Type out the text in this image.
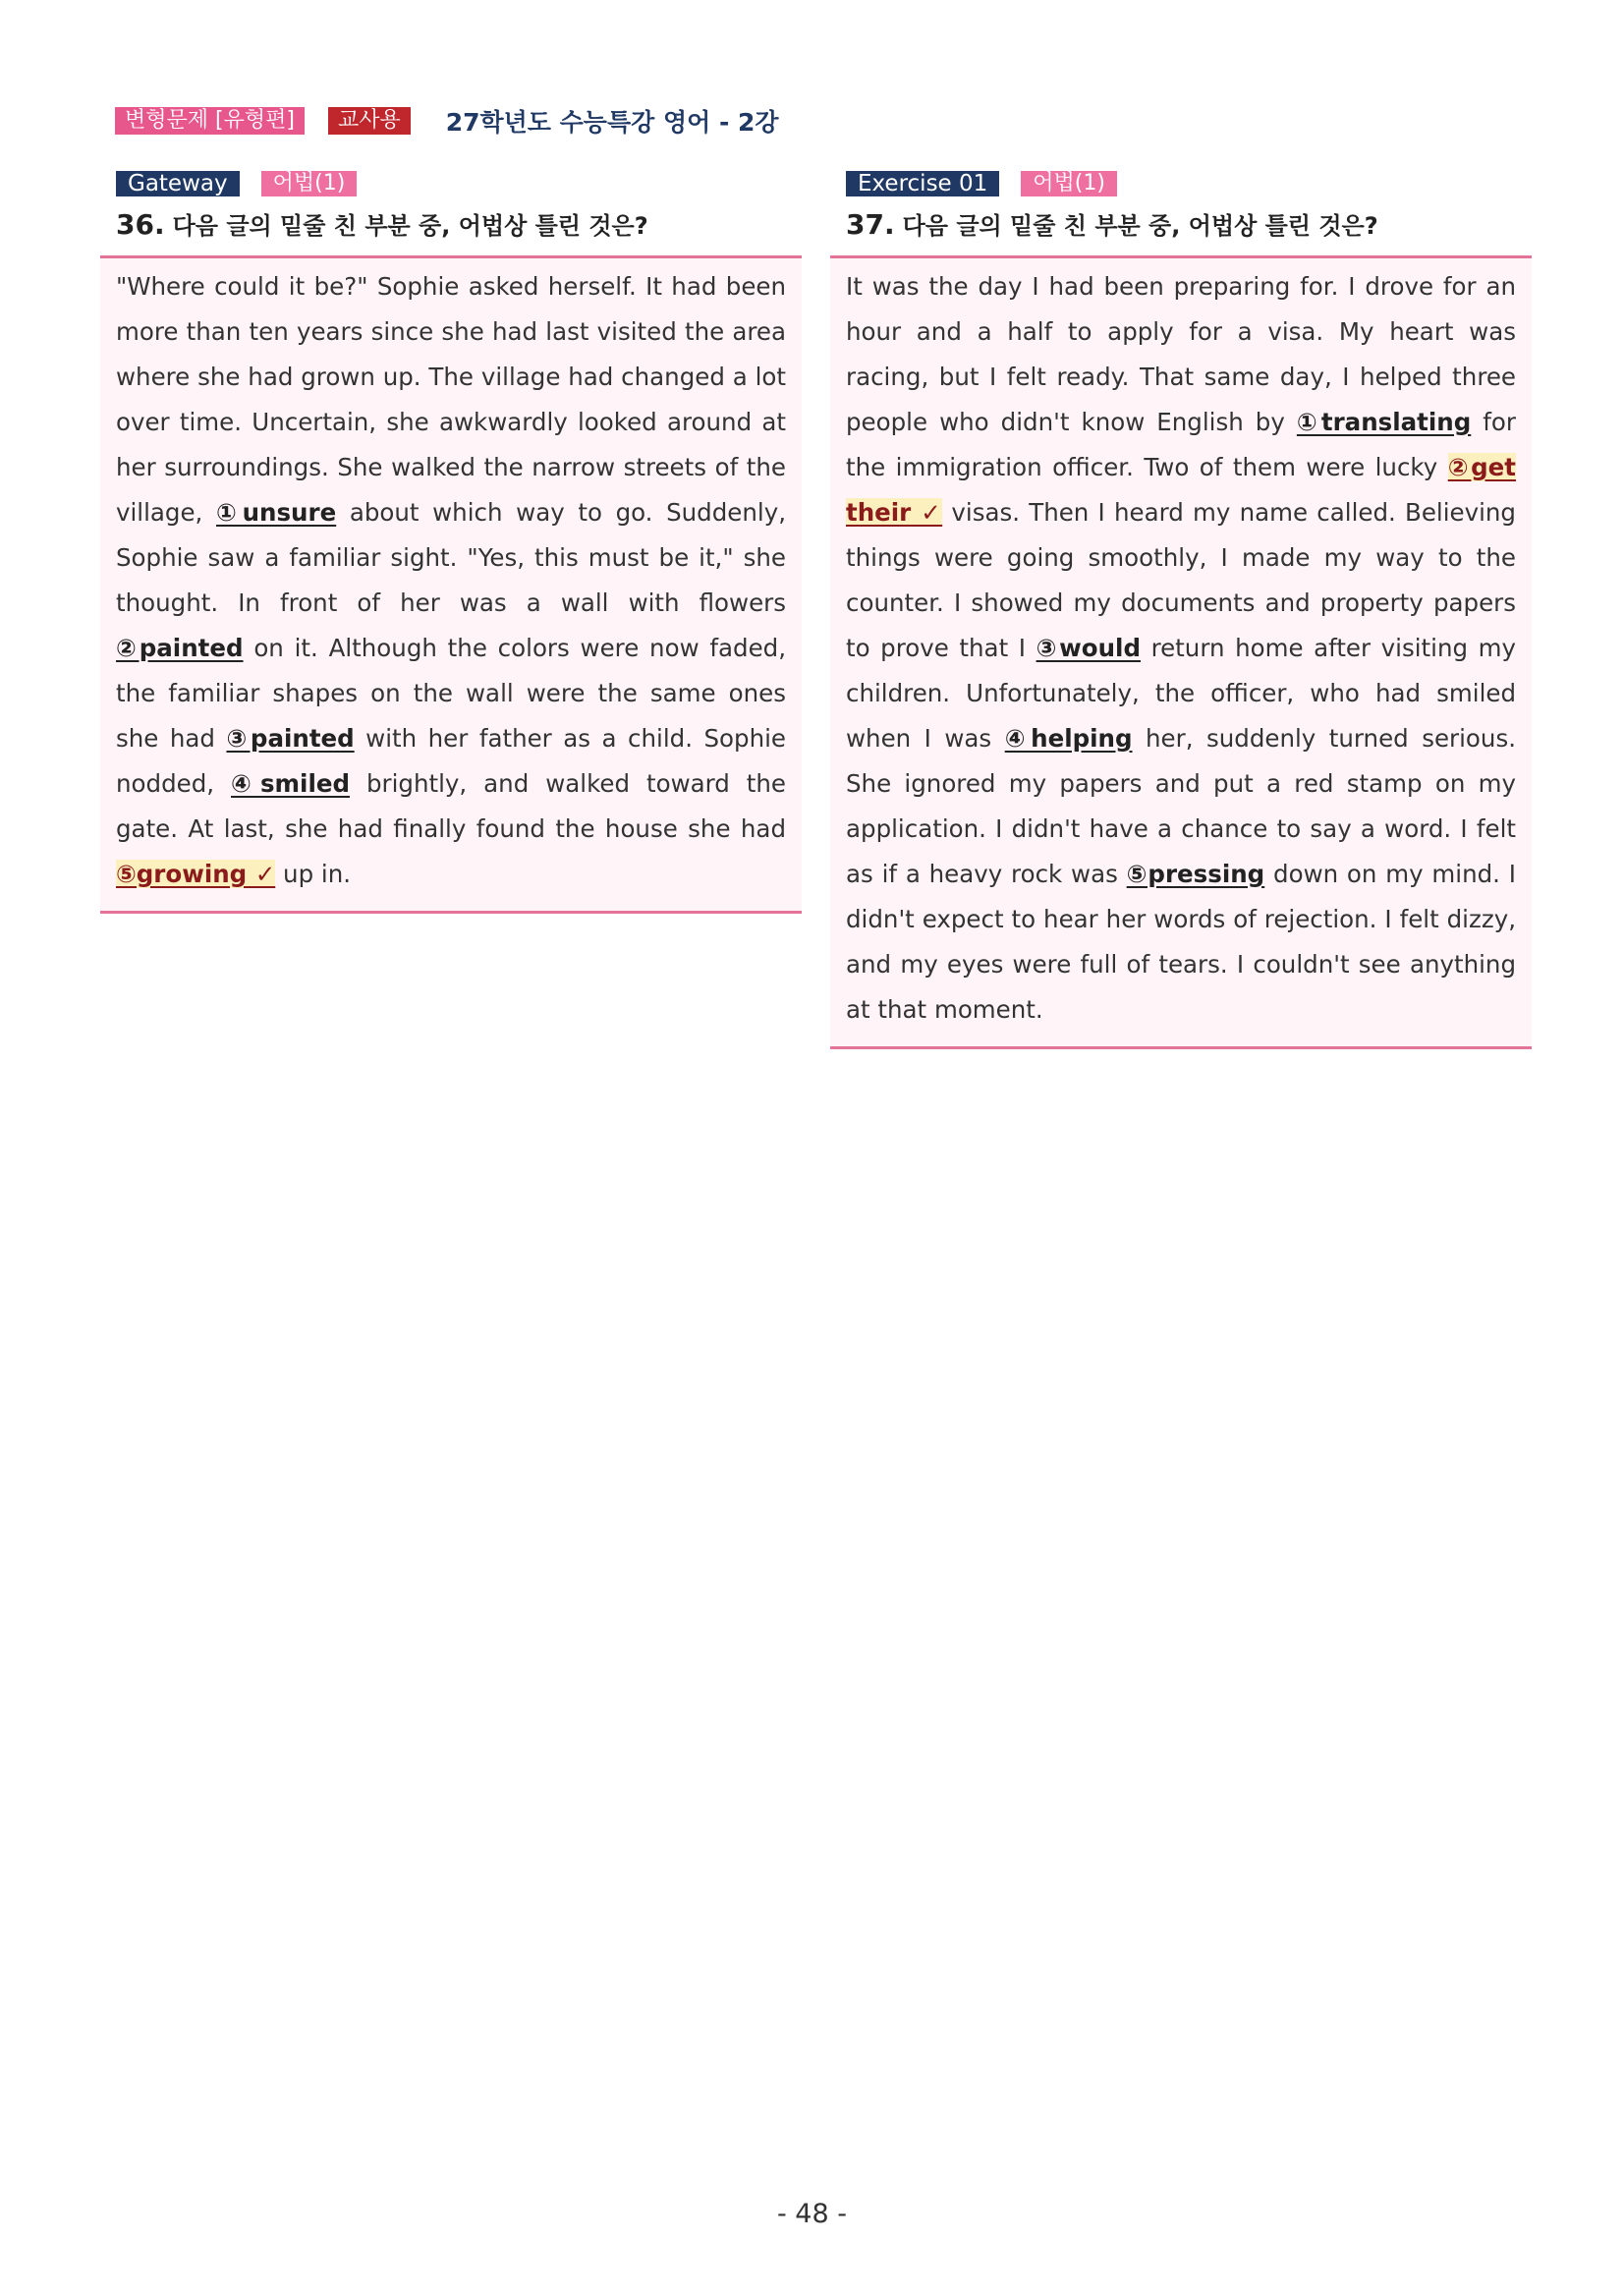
변형문제 [유형편]	교사용	27학년도 수능특강 영어 - 2강
Gateway	어법(1)
36. 다음 글의 밑줄 친 부분 중, 어법상 틀린 것은?
"Where could it be?" Sophie asked herself. It had been more than ten years since she had last visited the area where she had grown up. The village had changed a lot over time. Uncertain, she awkwardly looked around at her surroundings. She walked the narrow streets of the village, ①unsure about which way to go. Suddenly, Sophie saw a familiar sight. "Yes, this must be it," she thought. In front of her was a wall with flowers ②painted on it. Although the colors were now faded, the familiar shapes on the wall were the same ones she had ③painted with her father as a child. Sophie nodded, ④smiled brightly, and walked toward the gate. At last, she had finally found the house she had ⑤growing ✓ up in.
Exercise 01	어법(1)
37. 다음 글의 밑줄 친 부분 중, 어법상 틀린 것은?
It was the day I had been preparing for. I drove for an hour and a half to apply for a visa. My heart was racing, but I felt ready. That same day, I helped three people who didn't know English by ①translating for the immigration officer. Two of them were lucky ②get their ✓ visas. Then I heard my name called. Believing things were going smoothly, I made my way to the counter. I showed my documents and property papers to prove that I ③would return home after visiting my children. Unfortunately, the officer, who had smiled when I was ④helping her, suddenly turned serious. She ignored my papers and put a red stamp on my application. I didn't have a chance to say a word. I felt as if a heavy rock was ⑤pressing down on my mind. I didn't expect to hear her words of rejection. I felt dizzy, and my eyes were full of tears. I couldn't see anything at that moment.
- 48 -
